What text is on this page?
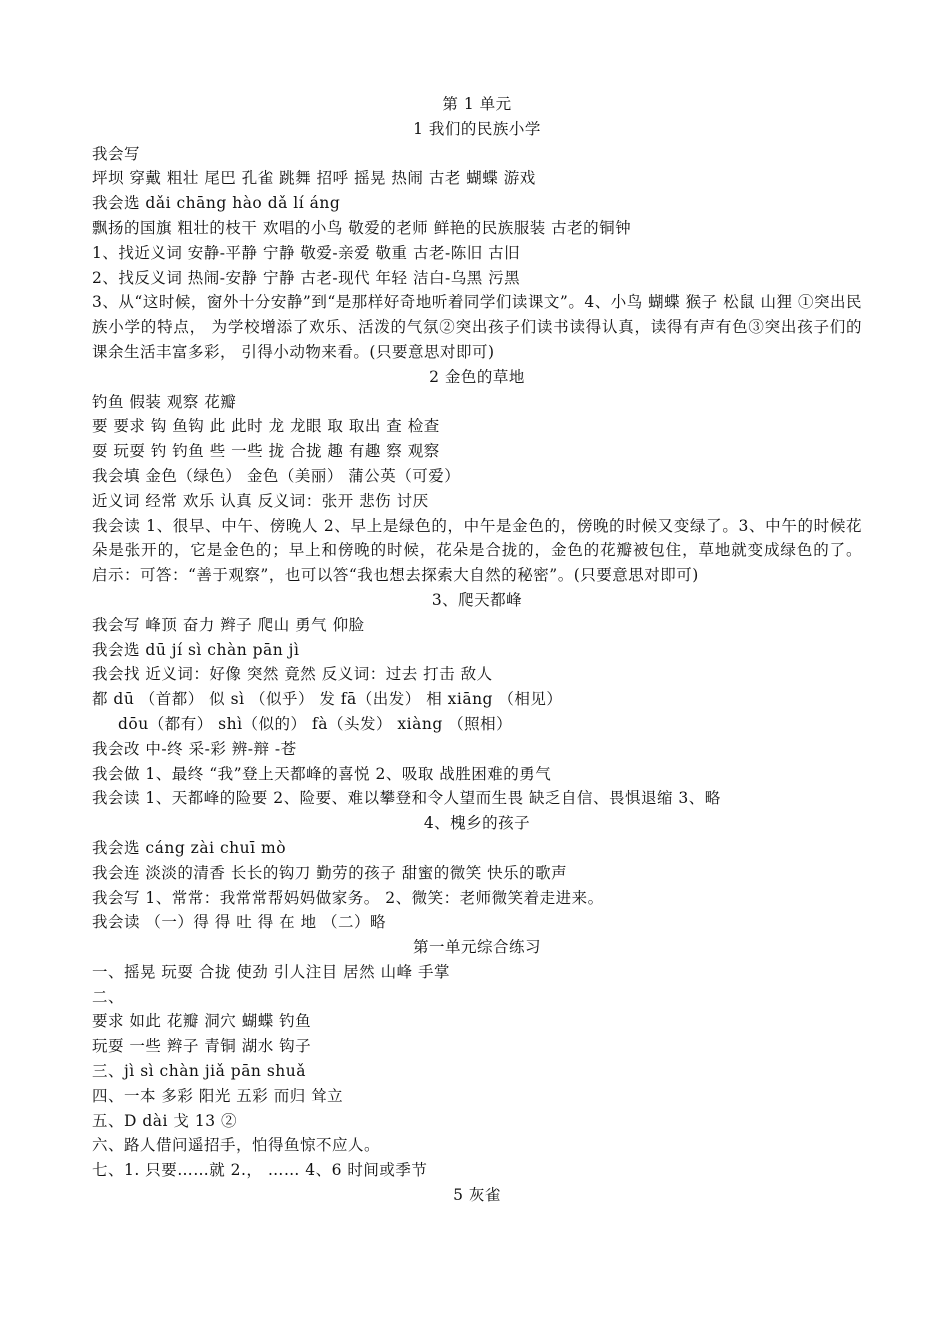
第 1 单元
1 我们的民族小学
我会写
坪坝 穿戴 粗壮 尾巴 孔雀 跳舞 招呼 摇晃 热闹 古老 蝴蝶 游戏
我会选 dǎi chāng hào dǎ lí áng
飘扬的国旗 粗壮的枝干 欢唱的小鸟 敬爱的老师 鲜艳的民族服装 古老的铜钟
1、找近义词 安静-平静 宁静 敬爱-亲爱 敬重 古老-陈旧 古旧
2、找反义词 热闹-安静 宁静 古老-现代 年轻 洁白-乌黑 污黑
3、从“这时候，窗外十分安静”到“是那样好奇地听着同学们读课文”。4、小鸟 蝴蝶 猴子 松鼠 山狸 ①突出民族小学的特点， 为学校增添了欢乐、活泼的气氛②突出孩子们读书读得认真，读得有声有色③突出孩子们的课余生活丰富多彩， 引得小动物来看。(只要意思对即可)
2 金色的草地
钓鱼 假装 观察 花瓣
要 要求 钩 鱼钩 此 此时 龙 龙眼 取 取出 查 检查
耍 玩耍 钓 钓鱼 些 一些 拢 合拢 趣 有趣 察 观察
我会填 金色（绿色） 金色（美丽） 蒲公英（可爱）
近义词 经常 欢乐 认真 反义词：张开 悲伤 讨厌
我会读 1、很早、中午、傍晚人 2、早上是绿色的，中午是金色的，傍晚的时候又变绿了。3、中午的时候花朵是张开的，它是金色的；早上和傍晚的时候，花朵是合拢的，金色的花瓣被包住，草地就变成绿色的了。 启示：可答：“善于观察”，也可以答“我也想去探索大自然的秘密”。(只要意思对即可)
3、爬天都峰
我会写 峰顶 奋力 辫子 爬山 勇气 仰脸
我会选 dū jí sì chàn pān jì
我会找 近义词：好像 突然 竟然 反义词：过去 打击 敌人
都 dū （首都） 似 sì （似乎） 发 fā（出发） 相 xiāng （相见）
dōu（都有） shì（似的） fà（头发） xiàng （照相）
我会改 中-终 采-彩 辨-辩 -苍
我会做 1、最终 “我”登上天都峰的喜悦 2、吸取 战胜困难的勇气
我会读 1、天都峰的险要 2、险要、难以攀登和令人望而生畏 缺乏自信、畏惧退缩 3、略
4、槐乡的孩子
我会选 cáng zài chuī mò
我会连 淡淡的清香 长长的钩刀 勤劳的孩子 甜蜜的微笑 快乐的歌声
我会写 1、常常：我常常帮妈妈做家务。 2、微笑：老师微笑着走进来。
我会读 （一）得 得 吐 得 在 地 （二）略
第一单元综合练习
一、摇晃 玩耍 合拢 使劲 引人注目 居然 山峰 手掌
二、
要求 如此 花瓣 洞穴 蝴蝶 钓鱼
玩耍 一些 辫子 青铜 湖水 钩子
三、jì sì chàn jiǎ pān shuǎ
四、一本 多彩 阳光 五彩 而归 耸立
五、D dài 戈 13 ②
六、路人借问遥招手，怕得鱼惊不应人。
七、1. 只要……就 2.， …… 4、6 时间或季节
5 灰雀
